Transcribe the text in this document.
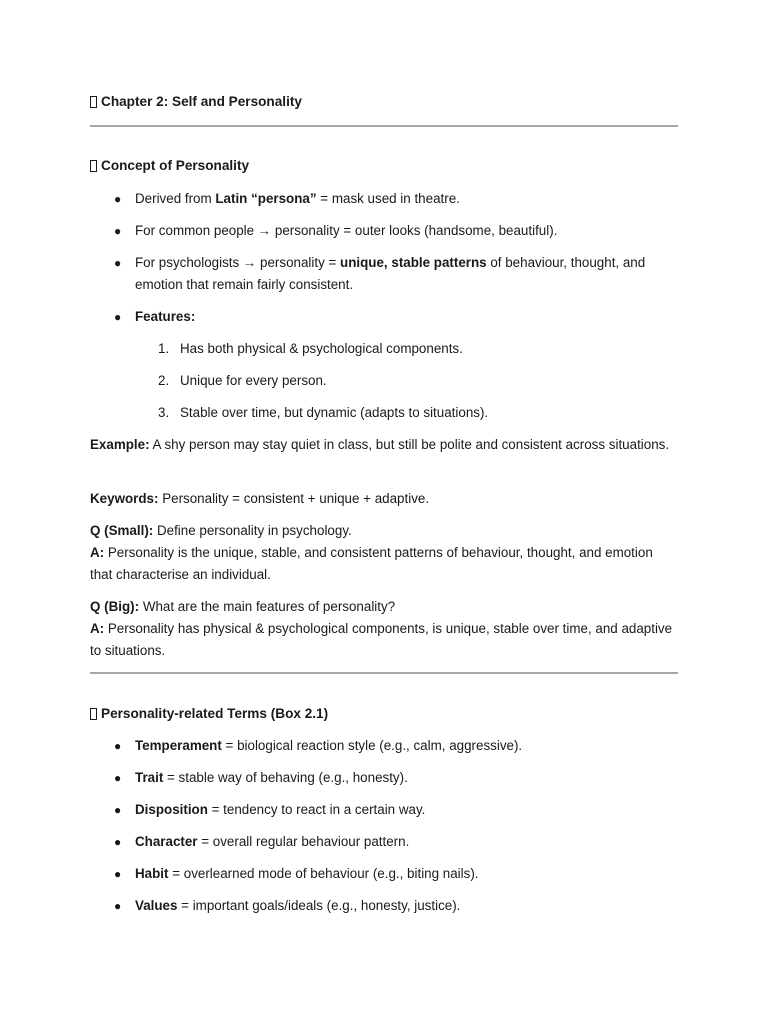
Chapter 2: Self and Personality
Concept of Personality
● Derived from Latin “persona” = mask used in theatre.
● For common people → personality = outer looks (handsome, beautiful).
● For psychologists → personality = unique, stable patterns of behaviour, thought, and emotion that remain fairly consistent.
● Features:
1. Has both physical & psychological components.
2. Unique for every person.
3. Stable over time, but dynamic (adapts to situations).
Example: A shy person may stay quiet in class, but still be polite and consistent across situations.
Keywords: Personality = consistent + unique + adaptive.
Q (Small): Define personality in psychology.
A: Personality is the unique, stable, and consistent patterns of behaviour, thought, and emotion that characterise an individual.
Q (Big): What are the main features of personality?
A: Personality has physical & psychological components, is unique, stable over time, and adaptive to situations.
Personality-related Terms (Box 2.1)
● Temperament = biological reaction style (e.g., calm, aggressive).
● Trait = stable way of behaving (e.g., honesty).
● Disposition = tendency to react in a certain way.
● Character = overall regular behaviour pattern.
● Habit = overlearned mode of behaviour (e.g., biting nails).
● Values = important goals/ideals (e.g., honesty, justice).
